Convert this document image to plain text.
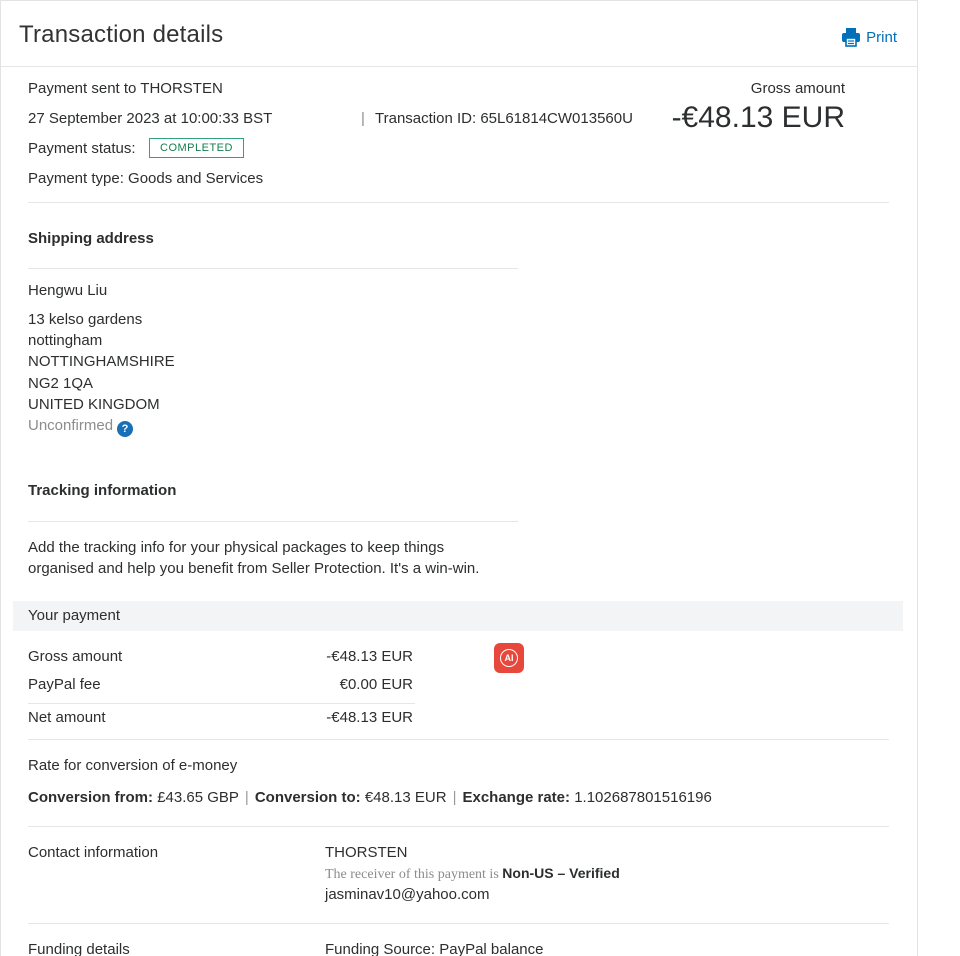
Transaction details	Print
Payment sent to THORSTEN
27 September 2023 at 10:00:33 BST	| Transaction ID: 65L61814CW013560U
Payment status:	COMPLETED
Payment type: Goods and Services
Gross amount
-€48.13 EUR
Shipping address
Hengwu Liu
13 kelso gardens
nottingham
NOTTINGHAMSHIRE
NG2 1QA
UNITED KINGDOM
Unconfirmed ?
Tracking information
Add the tracking info for your physical packages to keep things
organised and help you benefit from Seller Protection. It's a win-win.
Your payment
Gross amount	-€48.13 EUR
PayPal fee	€0.00 EUR
Net amount	-€48.13 EUR
AI
Rate for conversion of e-money
Conversion from: £43.65 GBP | Conversion to: €48.13 EUR | Exchange rate: 1.102687801516196
Contact information	THORSTEN
The receiver of this payment is Non-US – Verified
jasminav10@yahoo.com
Funding details	Funding Source: PayPal balance
